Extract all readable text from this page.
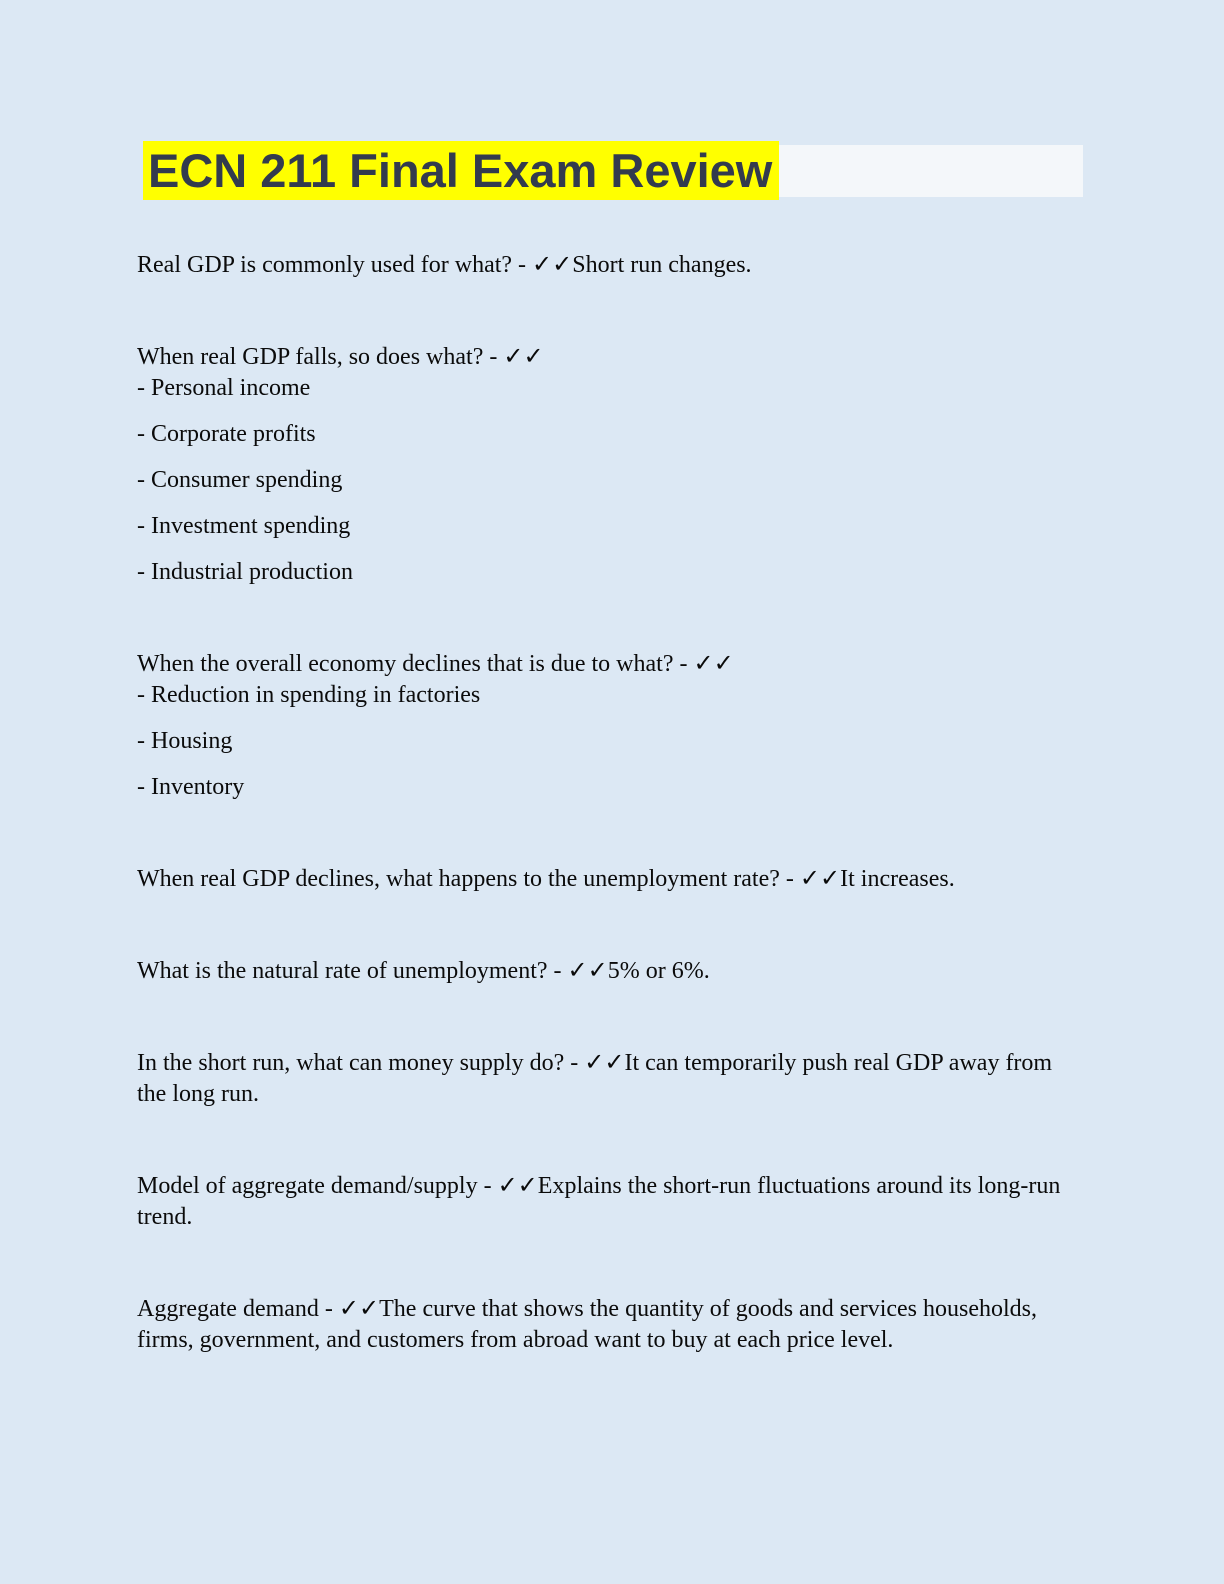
ECN 211 Final Exam Review

Real GDP is commonly used for what? - ✓✓Short run changes.

When real GDP falls, so does what? - ✓✓
- Personal income

- Corporate profits

- Consumer spending

- Investment spending

- Industrial production

When the overall economy declines that is due to what? - ✓✓
- Reduction in spending in factories

- Housing

- Inventory

When real GDP declines, what happens to the unemployment rate? - ✓✓It increases.

What is the natural rate of unemployment? - ✓✓5% or 6%.

In the short run, what can money supply do? - ✓✓It can temporarily push real GDP away from
the long run.

Model of aggregate demand/supply - ✓✓Explains the short-run fluctuations around its long-run
trend.

Aggregate demand - ✓✓The curve that shows the quantity of goods and services households,
firms, government, and customers from abroad want to buy at each price level.
